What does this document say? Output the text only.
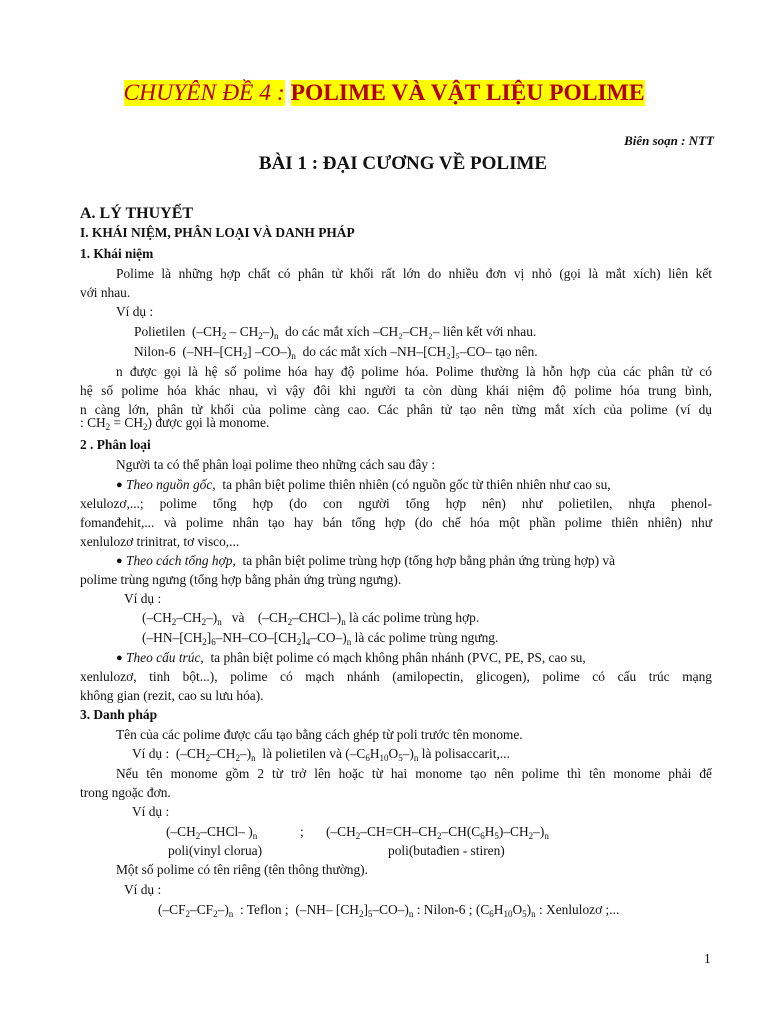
CHUYÊN ĐỀ 4 : POLIME VÀ VẬT LIỆU POLIME
Biên soạn : NTT
BÀI 1 : ĐẠI CƯƠNG VỀ POLIME
A. LÝ THUYẾT
I. KHÁI NIỆM, PHÂN LOẠI VÀ DANH PHÁP
1. Khái niệm
Polime là những hợp chất có phân tử khối rất lớn do nhiều đơn vị nhỏ (gọi là mắt xích) liên kết
với nhau.
Ví dụ :
Polietilen $(-CH_2 - CH_2-)_n$ do các mắt xích –CH₂–CH₂– liên kết với nhau.
Nilon-6 ($-NH-[CH_2]$ $-CO-)_n$ do các mắt xích –NH–[CH₂]₅–CO– tạo nên.
n được gọi là hệ số polime hóa hay độ polime hóa. Polime thường là hỗn hợp của các phân tử có
hệ số polime hóa khác nhau, vì vậy đôi khi người ta còn dùng khái niệm độ polime hóa trung bình,
n càng lớn, phân tử khối của polime càng cao. Các phân tử tạo nên từng mắt xích của polime (ví dụ
: $CH_2 = CH_2$) được gọi là monome.
2 . Phân loại
Người ta có thể phân loại polime theo những cách sau đây :
● Theo nguồn gốc, ta phân biệt polime thiên nhiên (có nguồn gốc từ thiên nhiên như cao su,
xelulozơ,...; polime tổng hợp (do con người tổng hợp nên) như polietilen, nhựa phenol-
fomanđehit,... và polime nhân tạo hay bán tổng hợp (do chế hóa một phần polime thiên nhiên) như
xenlulozơ trinitrat, tơ visco,...
● Theo cách tổng hợp, ta phân biệt polime trùng hợp (tổng hợp bằng phản ứng trùng hợp) và
polime trùng ngưng (tổng hợp bằng phản ứng trùng ngưng).
Ví dụ :
$(-CH_2-CH_2-)_n$   và    $(-CH_2-CHCl-)_n$ là các polime trùng hợp.
$(-HN-[CH_2]_6-NH-CO-[CH_2]_4-CO-)_n$ là các polime trùng ngưng.
● Theo cấu trúc, ta phân biệt polime có mạch không phân nhánh (PVC, PE, PS, cao su,
xenlulozơ, tinh bột...), polime có mạch nhánh (amilopectin, glicogen), polime có cấu trúc mạng
không gian (rezit, cao su lưu hóa).
3. Danh pháp
Tên của các polime được cấu tạo bằng cách ghép từ poli trước tên monome.
Ví dụ : $(-CH_2-CH_2-)_n$ là polietilen và $(-C_6H_{10}O_5-)_n$ là polisaccarit,...
Nếu tên monome gồm 2 từ trở lên hoặc từ hai monome tạo nên polime thì tên monome phải để
trong ngoặc đơn.
Ví dụ :
($-CH_2-CHCl-$ )$_n$	; $(-CH_2-CH=CH-CH_2-CH(C_6H_5)-CH_2-)_n$
poli(vinyl clorua)	poli(butađien - stiren)
Một số polime có tên riêng (tên thông thường).
Ví dụ :
$(-CF_2-CF_2-)_n$ : Teflon ; (–NH– $[CH_2]_5-CO-)_n$ : Nilon-6 ; $(C_6H_{10}O_5)_n$ : Xenlulozơ ;...
1
